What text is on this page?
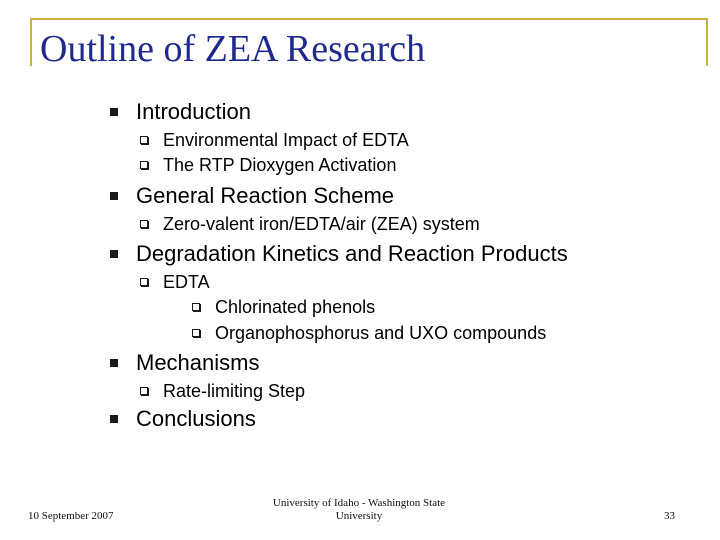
Outline of ZEA Research
Introduction
Environmental Impact of EDTA
The RTP Dioxygen Activation
General Reaction Scheme
Zero-valent iron/EDTA/air (ZEA) system
Degradation Kinetics and Reaction Products
EDTA
Chlorinated phenols
Organophosphorus and UXO compounds
Mechanisms
Rate-limiting Step
Conclusions
10 September 2007
University of Idaho - Washington State University	33
